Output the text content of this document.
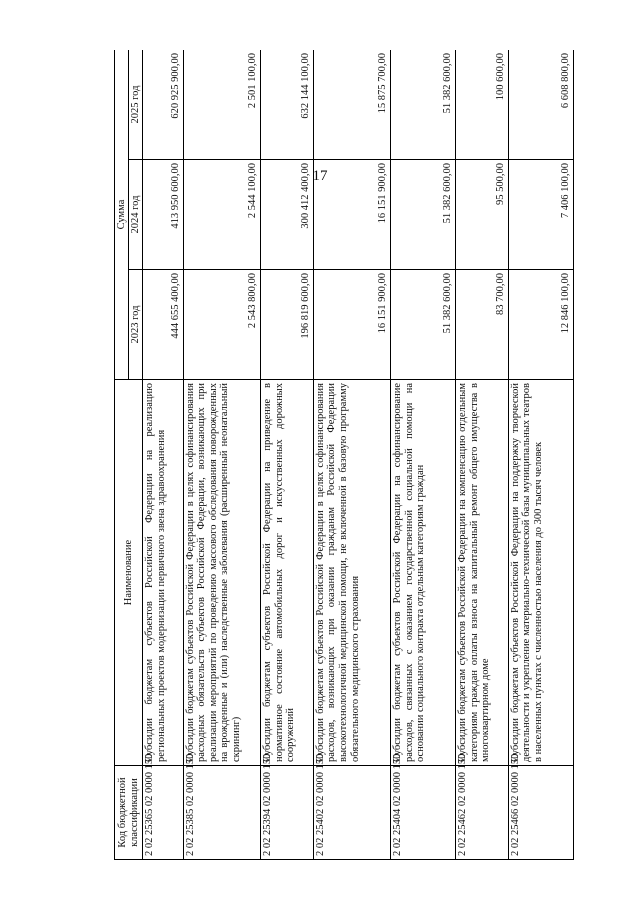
17
Код бюджетной классификации	Наименование	Сумма		
		2023 год	2024 год	2025 год
2 02 25365 02 0000 150	Субсидии бюджетам субъектов Российской Федерации на реализацию региональных проектов модернизации первичного звена здравоохранения	444 655 400,00	413 950 600,00	620 925 900,00
2 02 25385 02 0000 150	Субсидии бюджетам субъектов Российской Федерации в целях софинансирования расходных обязательств субъектов Российской Федерации, возникающих при реализации мероприятий по проведению массового обследования новорожденных на врожденные и (или) наследственные заболевания (расширенный неонатальный скрининг)	2 543 800,00	2 544 100,00	2 501 100,00
2 02 25394 02 0000 150	Субсидии бюджетам субъектов Российской Федерации на приведение в нормативное состояние автомобильных дорог и искусственных дорожных сооружений	196 819 600,00	300 412 400,00	632 144 100,00
2 02 25402 02 0000 150	Субсидии бюджетам субъектов Российской Федерации в целях софинансирования расходов, возникающих при оказании гражданам Российской Федерации высокотехнологичной медицинской помощи, не включенной в базовую программу обязательного медицинского страхования	16 151 900,00	16 151 900,00	15 875 700,00
2 02 25404 02 0000 150	Субсидии бюджетам субъектов Российской Федерации на софинансирование расходов, связанных с оказанием государственной социальной помощи на основании социального контракта отдельным категориям граждан	51 382 600,00	51 382 600,00	51 382 600,00
2 02 25462 02 0000 150	Субсидии бюджетам субъектов Российской Федерации на компенсацию отдельным категориям граждан оплаты взноса на капитальный ремонт общего имущества в многоквартирном доме	83 700,00	95 500,00	100 600,00
2 02 25466 02 0000 150	Субсидии бюджетам субъектов Российской Федерации на поддержку творческой деятельности и укрепление материально-технической базы муниципальных театров в населенных пунктах с численностью населения до 300 тысяч человек	12 846 100,00	7 406 100,00	6 608 800,00
